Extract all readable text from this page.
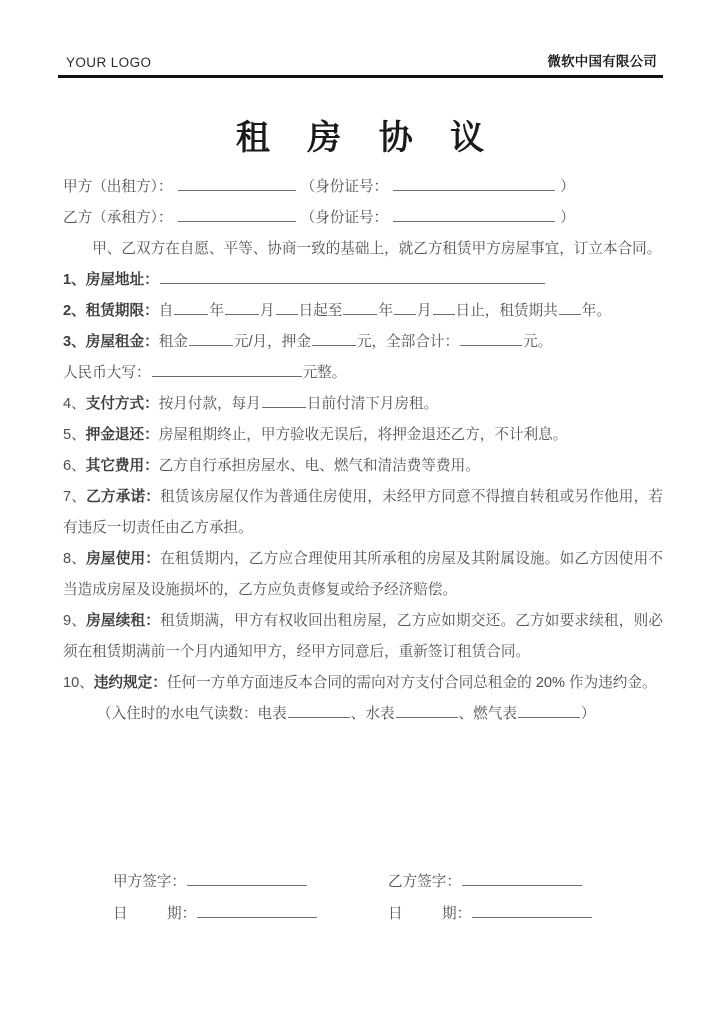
YOUR LOGO	微软中国有限公司
租 房 协 议
甲方（出租方）：	（身份证号：	）
乙方（承租方）：	（身份证号：	）
甲、乙双方在自愿、平等、协商一致的基础上，就乙方租赁甲方房屋事宜，订立本合同。
1、房屋地址：
2、租赁期限：自 年 月 日起至 年 月 日止，租赁期共 年。
3、房屋租金：租金	元/月，押金	元，全部合计：	元。
人民币大写：	元整。
4、支付方式：按月付款，每月	日前付清下月房租。
5、押金退还：房屋租期终止，甲方验收无误后，将押金退还乙方，不计利息。
6、其它费用：乙方自行承担房屋水、电、燃气和清洁费等费用。
7、乙方承诺：租赁该房屋仅作为普通住房使用，未经甲方同意不得擅自转租或另作他用，若有违反一切责任由乙方承担。
8、房屋使用：在租赁期内，乙方应合理使用其所承租的房屋及其附属设施。如乙方因使用不当造成房屋及设施损坏的，乙方应负责修复或给予经济赔偿。
9、房屋续租：租赁期满，甲方有权收回出租房屋，乙方应如期交还。乙方如要求续租，则必须在租赁期满前一个月内通知甲方，经甲方同意后，重新签订租赁合同。
10、违约规定：任何一方单方面违反本合同的需向对方支付合同总租金的 20% 作为违约金。
（入住时的水电气读数：电表	、水表	、燃气表	）
甲方签字：	乙方签字：
日 期：	日 期：
